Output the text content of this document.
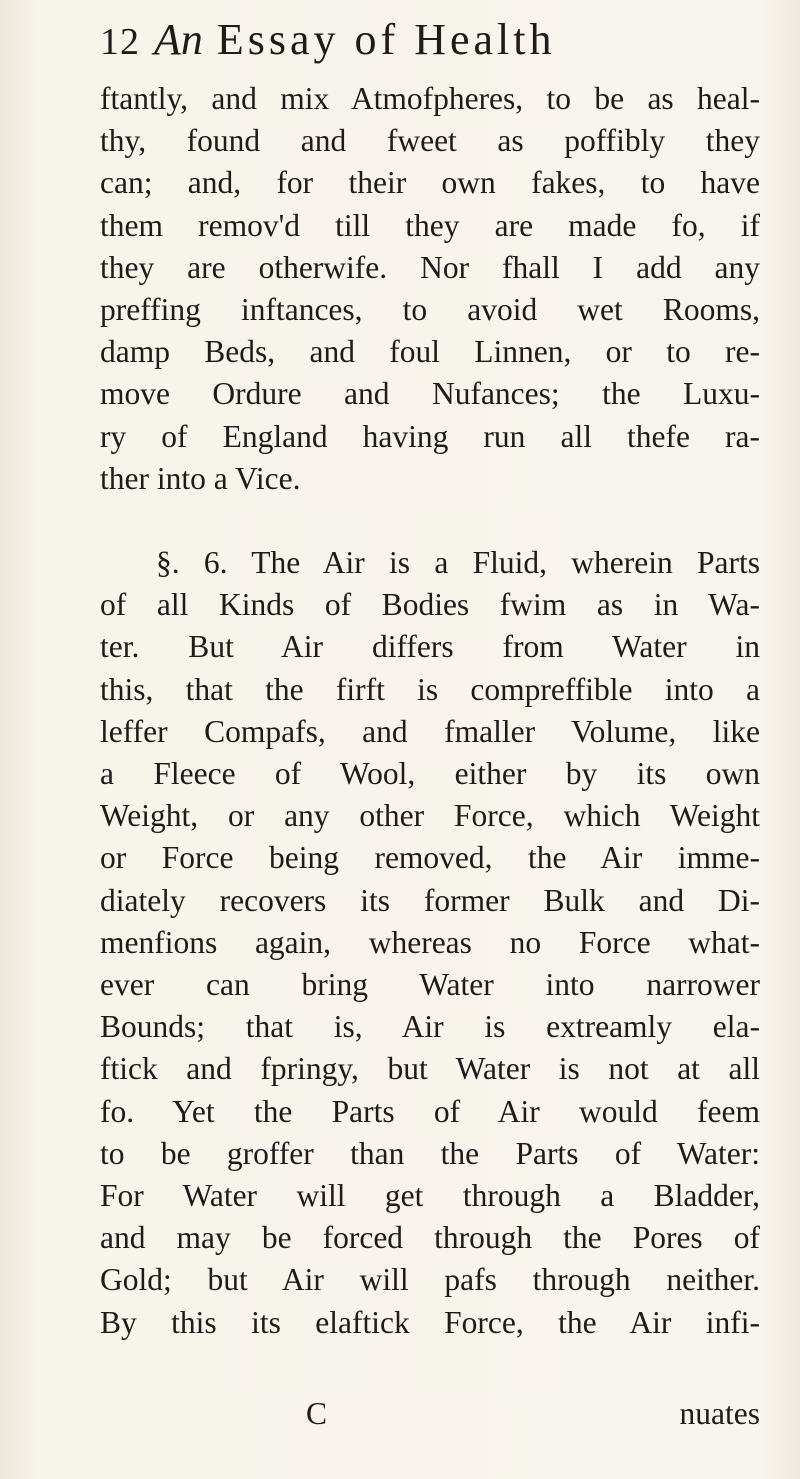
12 An Essay of Health
ftantly, and mix Atmofpheres, to be as heal-
thy, found and fweet as poffibly they
can; and, for their own fakes, to have
them remov'd till they are made fo, if
they are otherwife. Nor fhall I add any
preffing inftances, to avoid wet Rooms,
damp Beds, and foul Linnen, or to re-
move Ordure and Nufances; the Luxu-
ry of England having run all thefe ra-
ther into a Vice.
§. 6. The Air is a Fluid, wherein Parts
of all Kinds of Bodies fwim as in Wa-
ter. But Air differs from Water in
this, that the firft is compreffible into a
leffer Compafs, and fmaller Volume, like
a Fleece of Wool, either by its own
Weight, or any other Force, which Weight
or Force being removed, the Air imme-
diately recovers its former Bulk and Di-
menfions again, whereas no Force what-
ever can bring Water into narrower
Bounds; that is, Air is extreamly ela-
ftick and fpringy, but Water is not at all
fo. Yet the Parts of Air would feem
to be groffer than the Parts of Water:
For Water will get through a Bladder,
and may be forced through the Pores of
Gold; but Air will pafs through neither.
By this its elaftick Force, the Air infi-
C	nuates
